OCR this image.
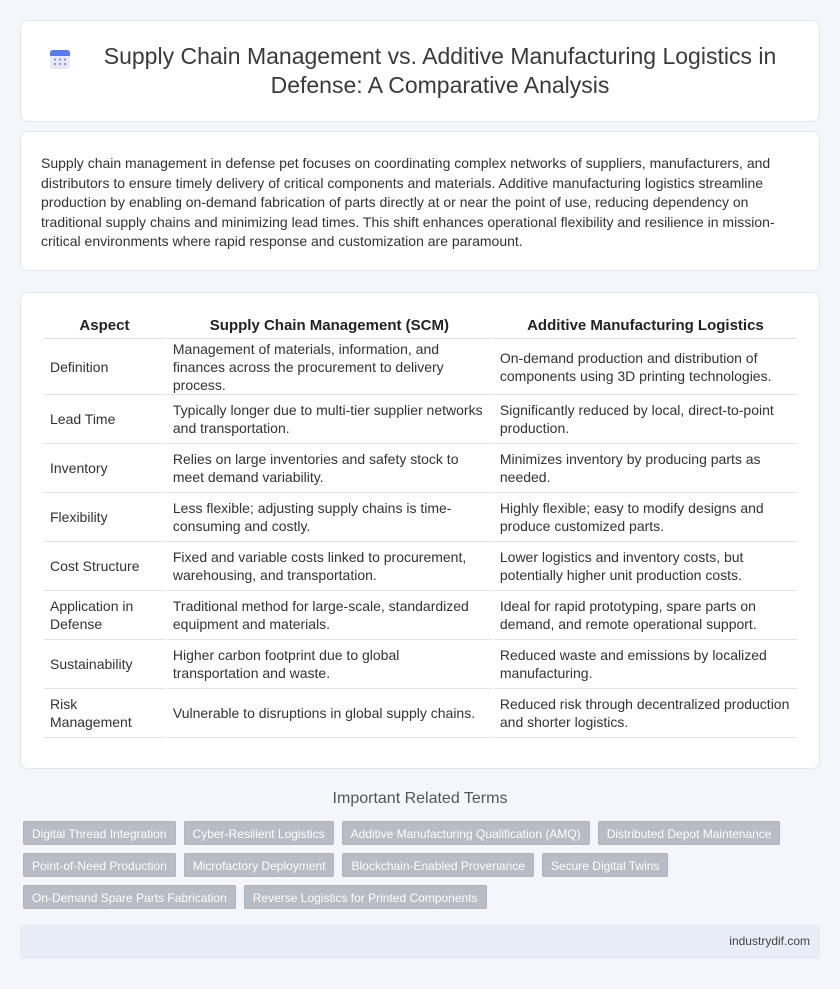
Supply Chain Management vs. Additive Manufacturing Logistics in Defense: A Comparative Analysis

Supply chain management in defense pet focuses on coordinating complex networks of suppliers, manufacturers, and distributors to ensure timely delivery of critical components and materials. Additive manufacturing logistics streamline production by enabling on-demand fabrication of parts directly at or near the point of use, reducing dependency on traditional supply chains and minimizing lead times. This shift enhances operational flexibility and resilience in mission-critical environments where rapid response and customization are paramount.

Aspect	Supply Chain Management (SCM)	Additive Manufacturing Logistics
Definition	Management of materials, information, and finances across the procurement to delivery process.	On-demand production and distribution of components using 3D printing technologies.
Lead Time	Typically longer due to multi-tier supplier networks and transportation.	Significantly reduced by local, direct-to-point production.
Inventory	Relies on large inventories and safety stock to meet demand variability.	Minimizes inventory by producing parts as needed.
Flexibility	Less flexible; adjusting supply chains is time-consuming and costly.	Highly flexible; easy to modify designs and produce customized parts.
Cost Structure	Fixed and variable costs linked to procurement, warehousing, and transportation.	Lower logistics and inventory costs, but potentially higher unit production costs.
Application in Defense	Traditional method for large-scale, standardized equipment and materials.	Ideal for rapid prototyping, spare parts on demand, and remote operational support.
Sustainability	Higher carbon footprint due to global transportation and waste.	Reduced waste and emissions by localized manufacturing.
Risk Management	Vulnerable to disruptions in global supply chains.	Reduced risk through decentralized production and shorter logistics.
Important Related Terms
Digital Thread Integration	Cyber-Resilient Logistics	Additive Manufacturing Qualification (AMQ)	Distributed Depot Maintenance
Point-of-Need Production	Microfactory Deployment	Blockchain-Enabled Provenance	Secure Digital Twins
On-Demand Spare Parts Fabrication	Reverse Logistics for Printed Components
industrydif.com
